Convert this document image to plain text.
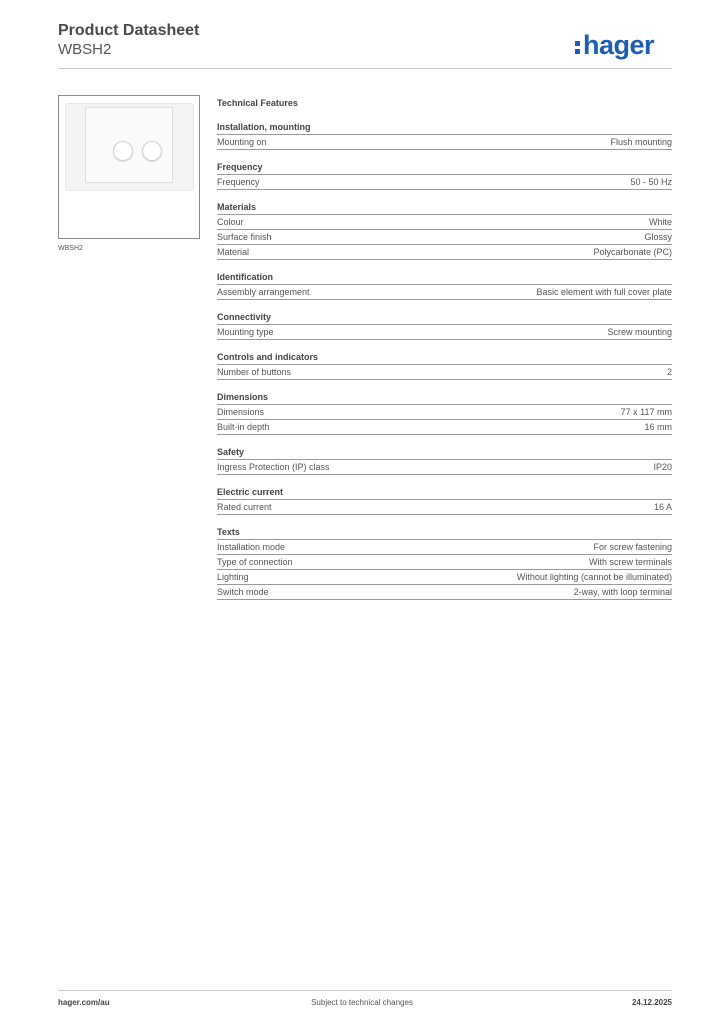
Product Datasheet
WBSH2	hager
WBSH2
Technical Features
Installation, mounting
Mounting on	Flush mounting
Frequency
Frequency	50 - 50 Hz
Materials
Colour	White
Surface finish	Glossy
Material	Polycarbonate (PC)
Identification
Assembly arrangement	Basic element with full cover plate
Connectivity
Mounting type	Screw mounting
Controls and indicators
Number of buttons	2
Dimensions
Dimensions	77 x 117 mm
Built-in depth	16 mm
Safety
Ingress Protection (IP) class	IP20
Electric current
Rated current	16 A
Texts
Installation mode	For screw fastening
Type of connection	With screw terminals
Lighting	Without lighting (cannot be illuminated)
Switch mode	2-way, with loop terminal
hager.com/au	Subject to technical changes	24.12.2025
